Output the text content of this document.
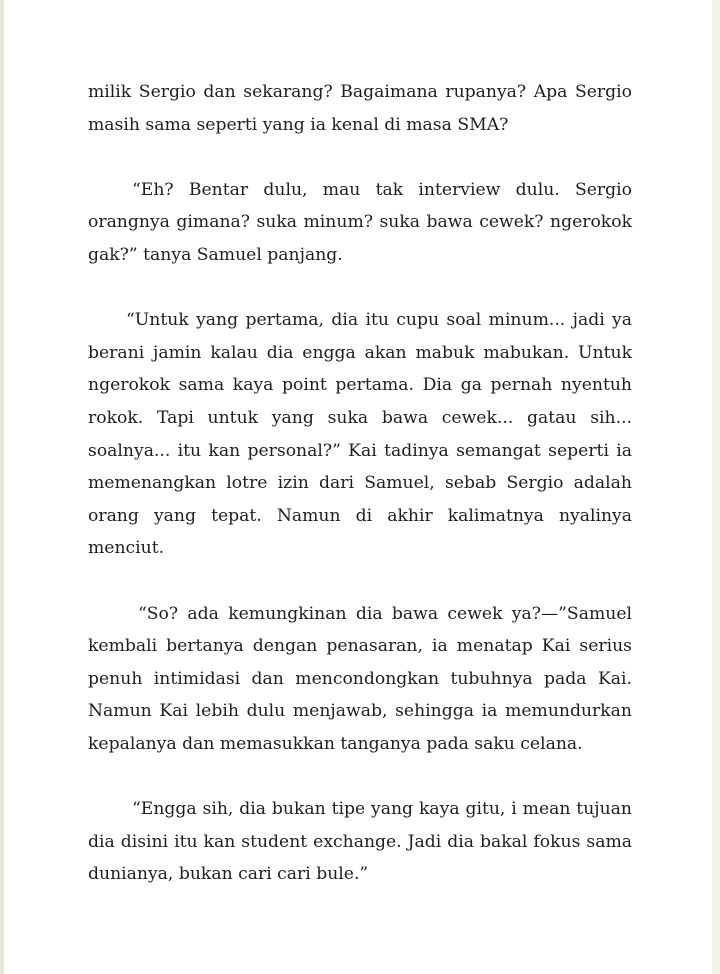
milik Sergio dan sekarang? Bagaimana rupanya? Apa Sergio masih sama seperti yang ia kenal di masa SMA?

“Eh? Bentar dulu, mau tak interview dulu. Sergio orangnya gimana? suka minum? suka bawa cewek? ngerokok gak?” tanya Samuel panjang.

“Untuk yang pertama, dia itu cupu soal minum... jadi ya berani jamin kalau dia engga akan mabuk mabukan. Untuk ngerokok sama kaya point pertama. Dia ga pernah nyentuh rokok. Tapi untuk yang suka bawa cewek... gatau sih... soalnya... itu kan personal?” Kai tadinya semangat seperti ia memenangkan lotre izin dari Samuel, sebab Sergio adalah orang yang tepat. Namun di akhir kalimatnya nyalinya menciut.

“So? ada kemungkinan dia bawa cewek ya?—”Samuel kembali bertanya dengan penasaran, ia menatap Kai serius penuh intimidasi dan mencondongkan tubuhnya pada Kai. Namun Kai lebih dulu menjawab, sehingga ia memundurkan kepalanya dan memasukkan tanganya pada saku celana.

“Engga sih, dia bukan tipe yang kaya gitu, i mean tujuan dia disini itu kan student exchange. Jadi dia bakal fokus sama dunianya, bukan cari cari bule.”
